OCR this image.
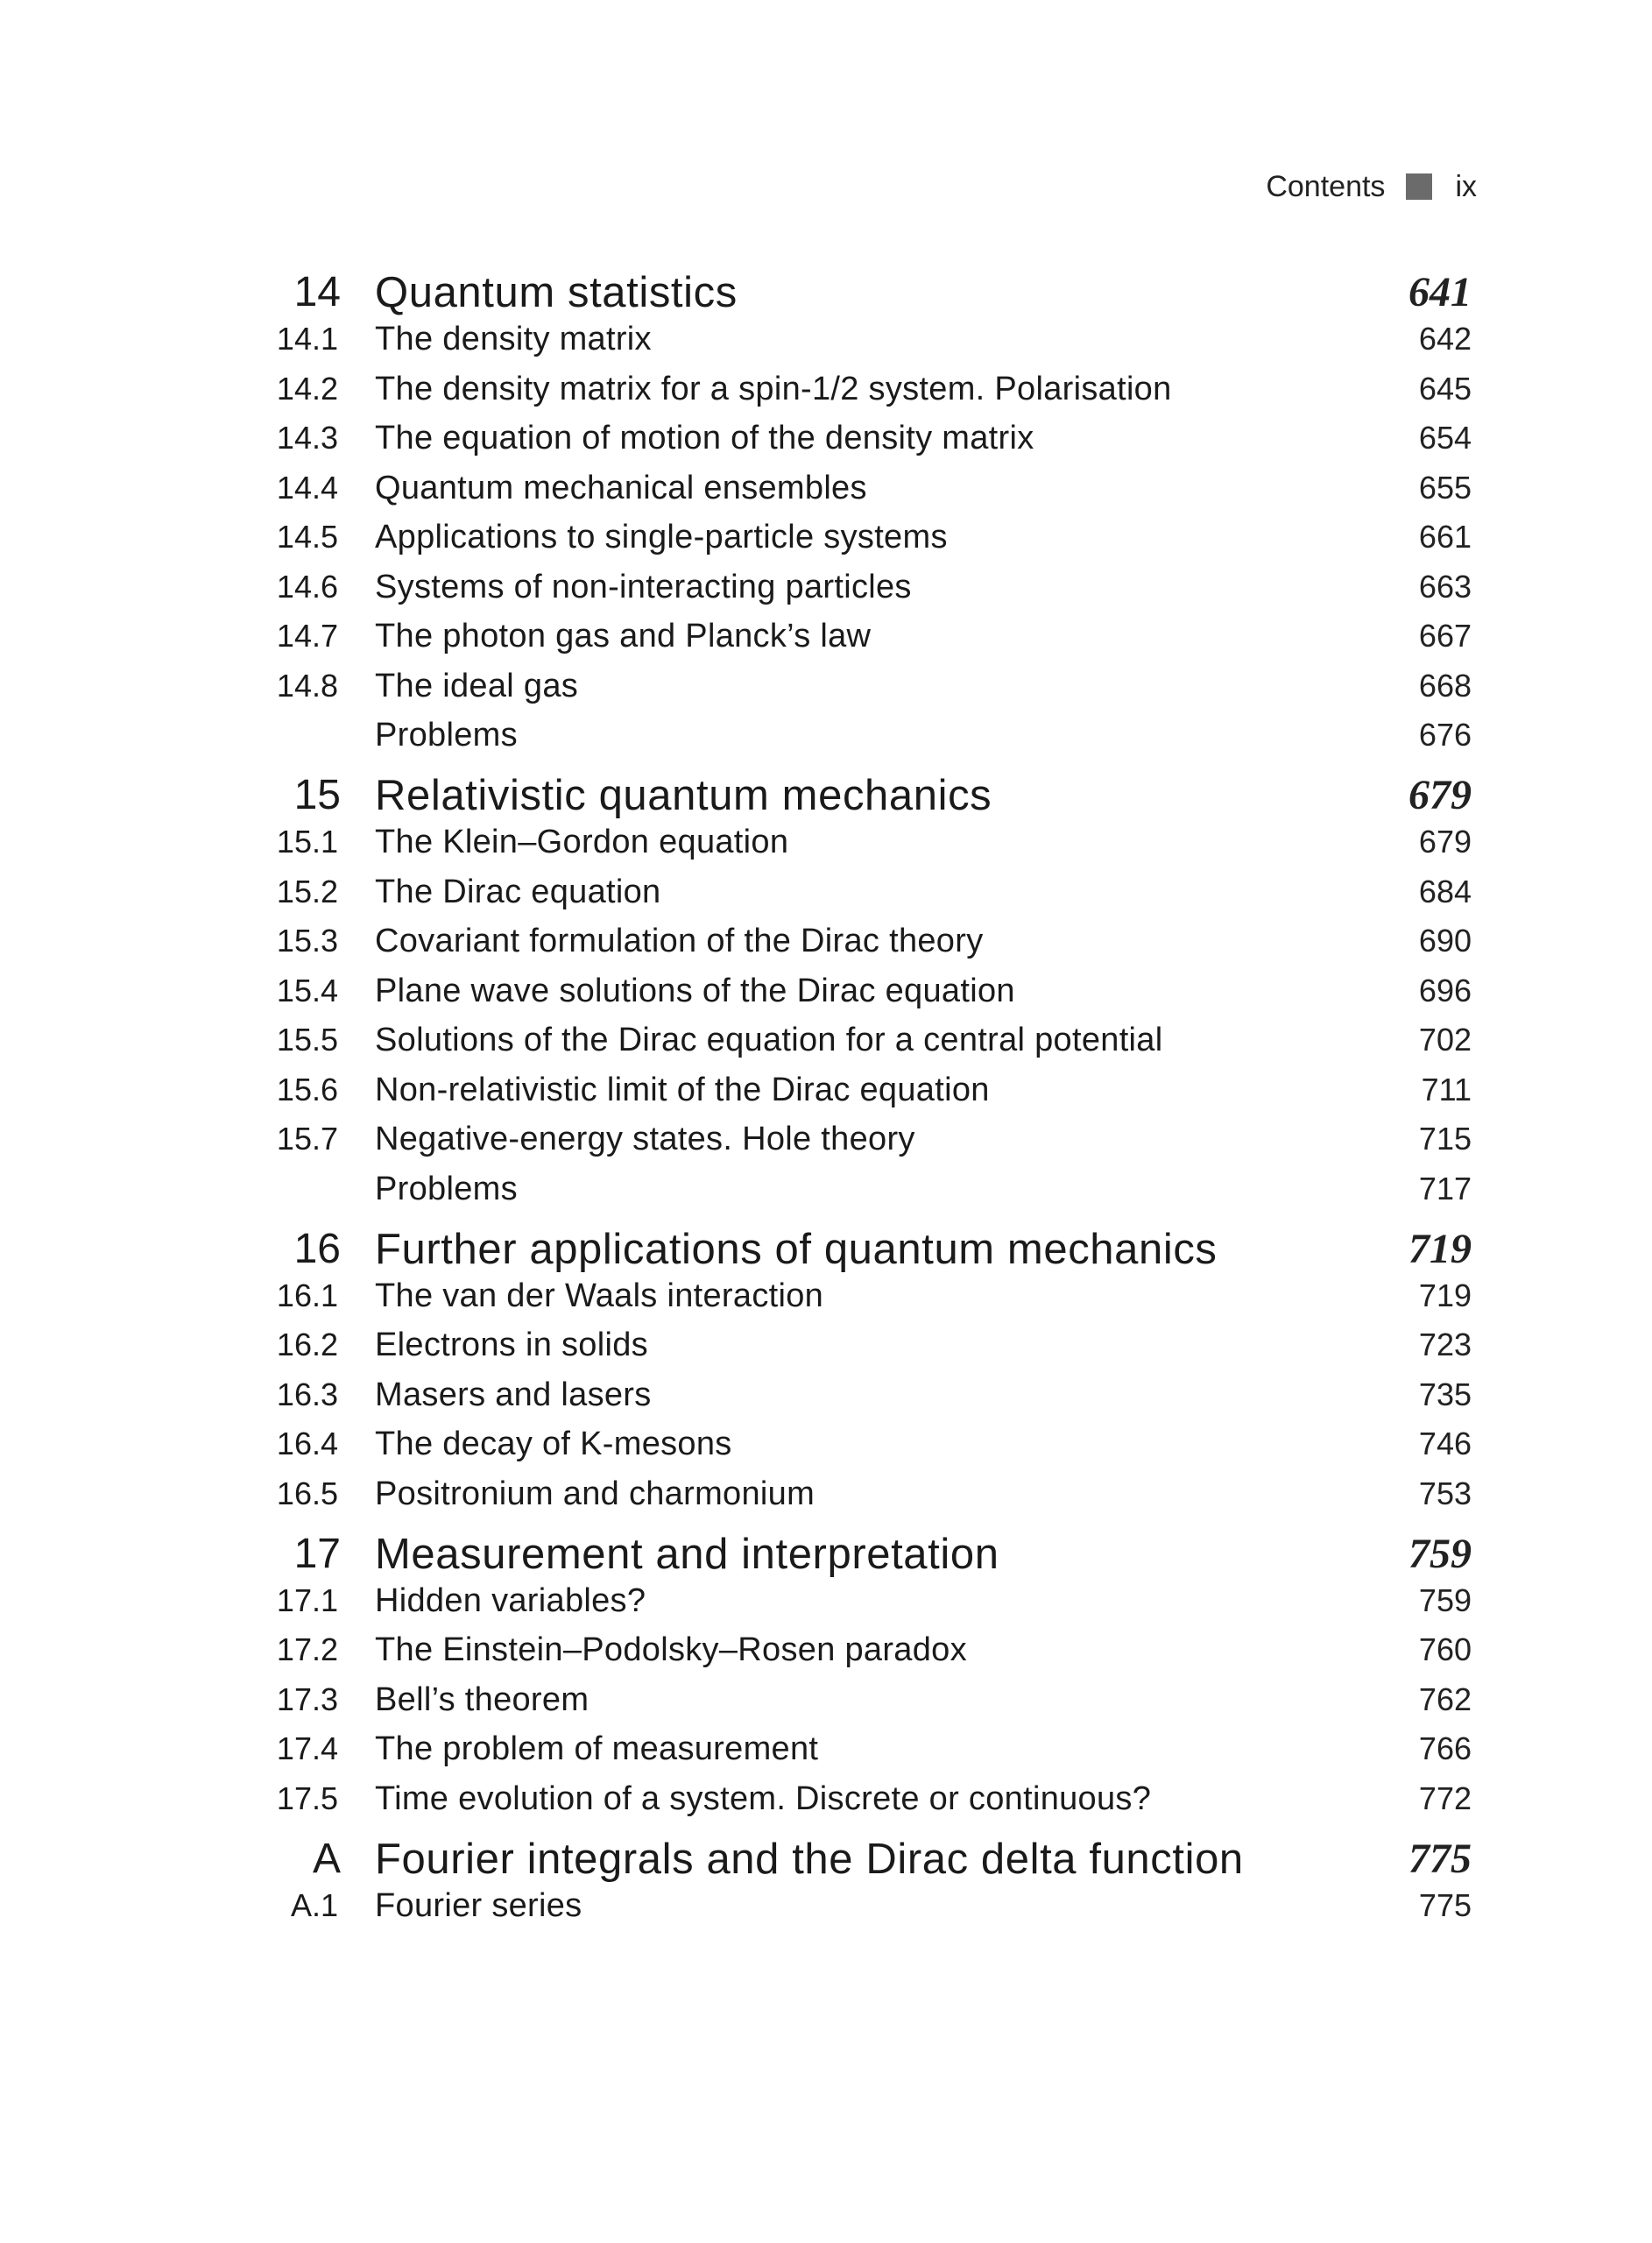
Contents ix
14 Quantum statistics	641
14.1 The density matrix	642
14.2 The density matrix for a spin-1/2 system. Polarisation	645
14.3 The equation of motion of the density matrix	654
14.4 Quantum mechanical ensembles	655
14.5 Applications to single-particle systems	661
14.6 Systems of non-interacting particles	663
14.7 The photon gas and Planck’s law	667
14.8 The ideal gas	668
Problems	676
15 Relativistic quantum mechanics	679
15.1 The Klein–Gordon equation	679
15.2 The Dirac equation	684
15.3 Covariant formulation of the Dirac theory	690
15.4 Plane wave solutions of the Dirac equation	696
15.5 Solutions of the Dirac equation for a central potential	702
15.6 Non-relativistic limit of the Dirac equation	711
15.7 Negative-energy states. Hole theory	715
Problems	717
16 Further applications of quantum mechanics	719
16.1 The van der Waals interaction	719
16.2 Electrons in solids	723
16.3 Masers and lasers	735
16.4 The decay of K-mesons	746
16.5 Positronium and charmonium	753
17 Measurement and interpretation	759
17.1 Hidden variables?	759
17.2 The Einstein–Podolsky–Rosen paradox	760
17.3 Bell’s theorem	762
17.4 The problem of measurement	766
17.5 Time evolution of a system. Discrete or continuous?	772
A Fourier integrals and the Dirac delta function	775
A.1 Fourier series	775
